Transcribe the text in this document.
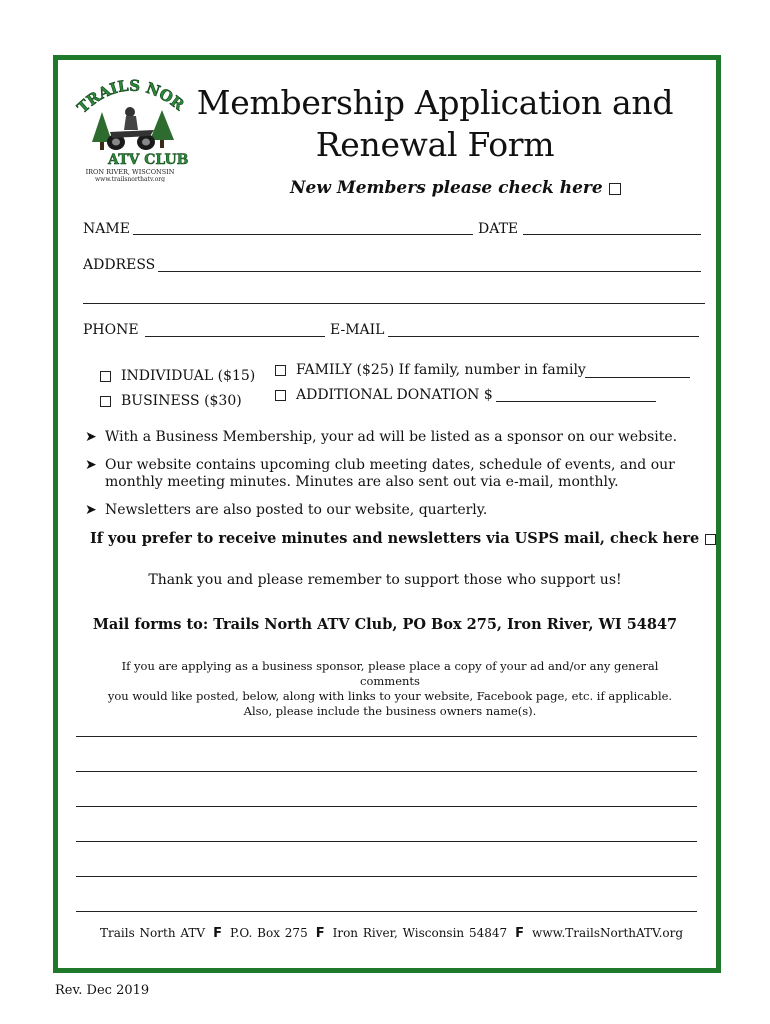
TRAILS NOR
ATV CLUB
IRON RIVER, WISCONSIN
www.trailsnorthatv.org
Membership Application and
Renewal Form
New Members please check here
NAME	DATE
ADDRESS
PHONE	E-MAIL
INDIVIDUAL ($15)
BUSINESS ($30)
FAMILY ($25) If family, number in family
ADDITIONAL DONATION $
➤ With a Business Membership, your ad will be listed as a sponsor on our website.
➤ Our website contains upcoming club meeting dates, schedule of events, and our monthly meeting minutes. Minutes are also sent out via e-mail, monthly.
➤ Newsletters are also posted to our website, quarterly.
If you prefer to receive minutes and newsletters via USPS mail, check here
Thank you and please remember to support those who support us!
Mail forms to: Trails North ATV Club, PO Box 275, Iron River, WI 54847
If you are applying as a business sponsor, please place a copy of your ad and/or any general comments
you would like posted, below, along with links to your website, Facebook page, etc. if applicable.
Also, please include the business owners name(s).
Trails North ATV F P.O. Box 275 F Iron River, Wisconsin 54847 F www.TrailsNorthATV.org
Rev. Dec 2019
